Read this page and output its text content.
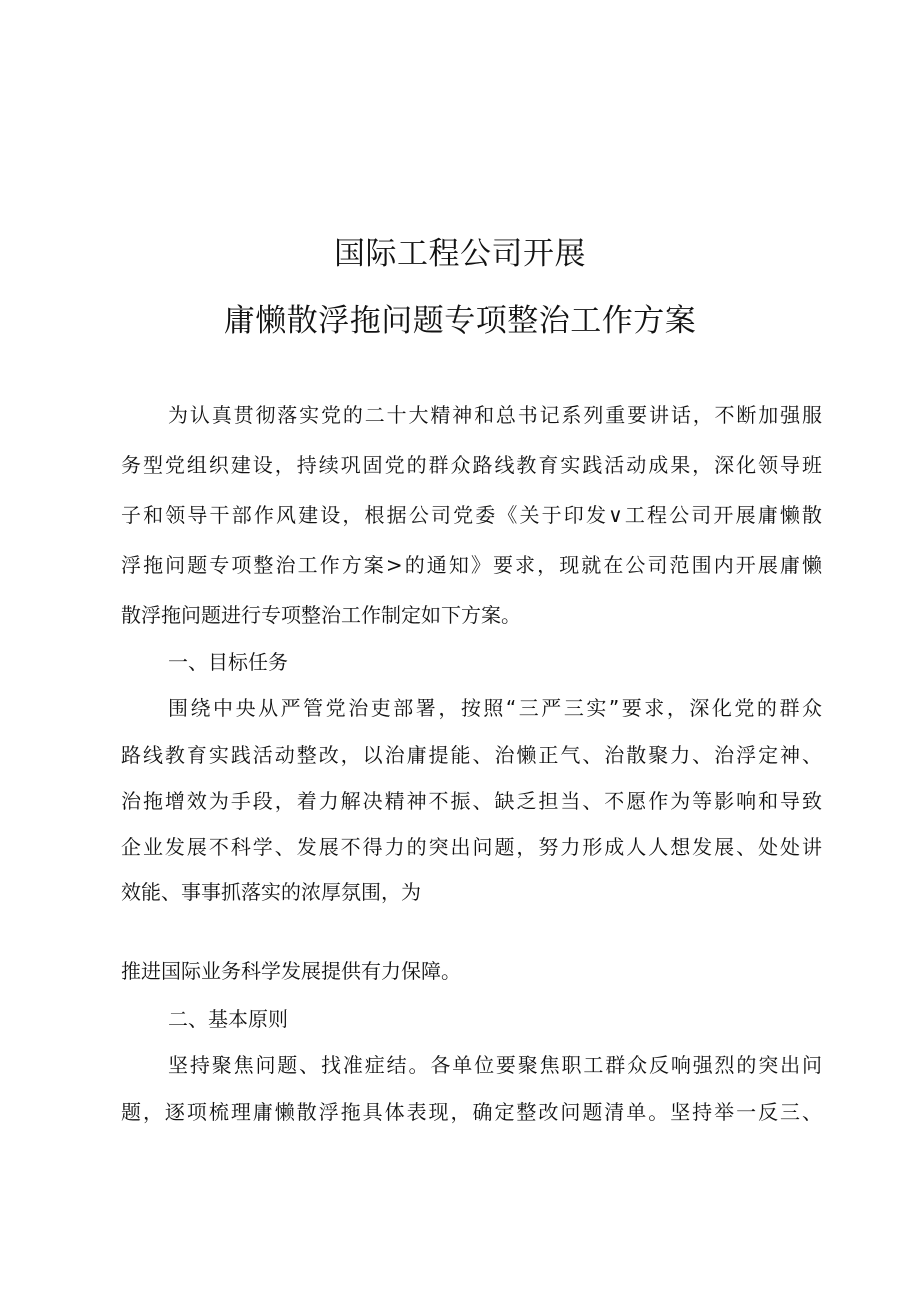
国际工程公司开展
庸懒散浮拖问题专项整治工作方案
为认真贯彻落实党的二十大精神和总书记系列重要讲话，不断加强服
务型党组织建设，持续巩固党的群众路线教育实践活动成果，深化领导班
子和领导干部作风建设，根据公司党委《关于印发∨工程公司开展庸懒散
浮拖问题专项整治工作方案>的通知》要求，现就在公司范围内开展庸懒
散浮拖问题进行专项整治工作制定如下方案。
一、目标任务
围绕中央从严管党治吏部署，按照“三严三实”要求，深化党的群众
路线教育实践活动整改，以治庸提能、治懒正气、治散聚力、治浮定神、
治拖增效为手段，着力解决精神不振、缺乏担当、不愿作为等影响和导致
企业发展不科学、发展不得力的突出问题，努力形成人人想发展、处处讲
效能、事事抓落实的浓厚氛围，为
推进国际业务科学发展提供有力保障。
二、基本原则
坚持聚焦问题、找准症结。各单位要聚焦职工群众反响强烈的突出问
题，逐项梳理庸懒散浮拖具体表现，确定整改问题清单。坚持举一反三、
